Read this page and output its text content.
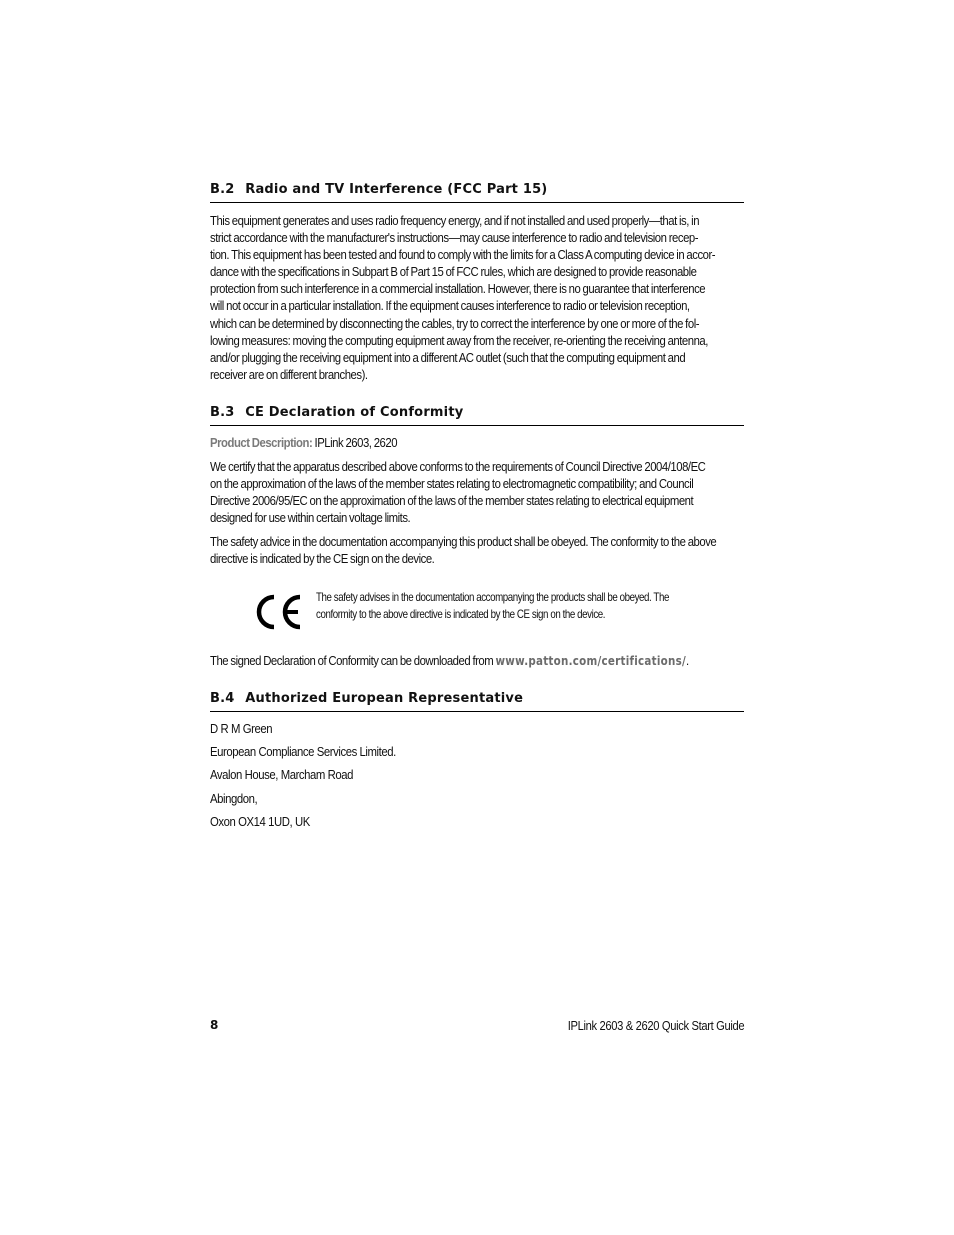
B.2 Radio and TV Interference (FCC Part 15)
This equipment generates and uses radio frequency energy, and if not installed and used properly—that is, in
strict accordance with the manufacturer's instructions—may cause interference to radio and television recep-
tion. This equipment has been tested and found to comply with the limits for a Class A computing device in accor-
dance with the specifications in Subpart B of Part 15 of FCC rules, which are designed to provide reasonable
protection from such interference in a commercial installation. However, there is no guarantee that interference
will not occur in a particular installation. If the equipment causes interference to radio or television reception,
which can be determined by disconnecting the cables, try to correct the interference by one or more of the fol-
lowing measures: moving the computing equipment away from the receiver, re-orienting the receiving antenna,
and/or plugging the receiving equipment into a different AC outlet (such that the computing equipment and
receiver are on different branches).
B.3 CE Declaration of Conformity
Product Description: IPLink 2603, 2620
We certify that the apparatus described above conforms to the requirements of Council Directive 2004/108/EC
on the approximation of the laws of the member states relating to electromagnetic compatibility; and Council
Directive 2006/95/EC on the approximation of the laws of the member states relating to electrical equipment
designed for use within certain voltage limits.
The safety advice in the documentation accompanying this product shall be obeyed. The conformity to the above
directive is indicated by the CE sign on the device.
The safety advises in the documentation accompanying the products shall be obeyed. The
conformity to the above directive is indicated by the CE sign on the device.
The signed Declaration of Conformity can be downloaded from www.patton.com/certifications/.
B.4 Authorized European Representative
D R M Green
European Compliance Services Limited.
Avalon House, Marcham Road
Abingdon,
Oxon OX14 1UD, UK
8	IPLink 2603 & 2620 Quick Start Guide
